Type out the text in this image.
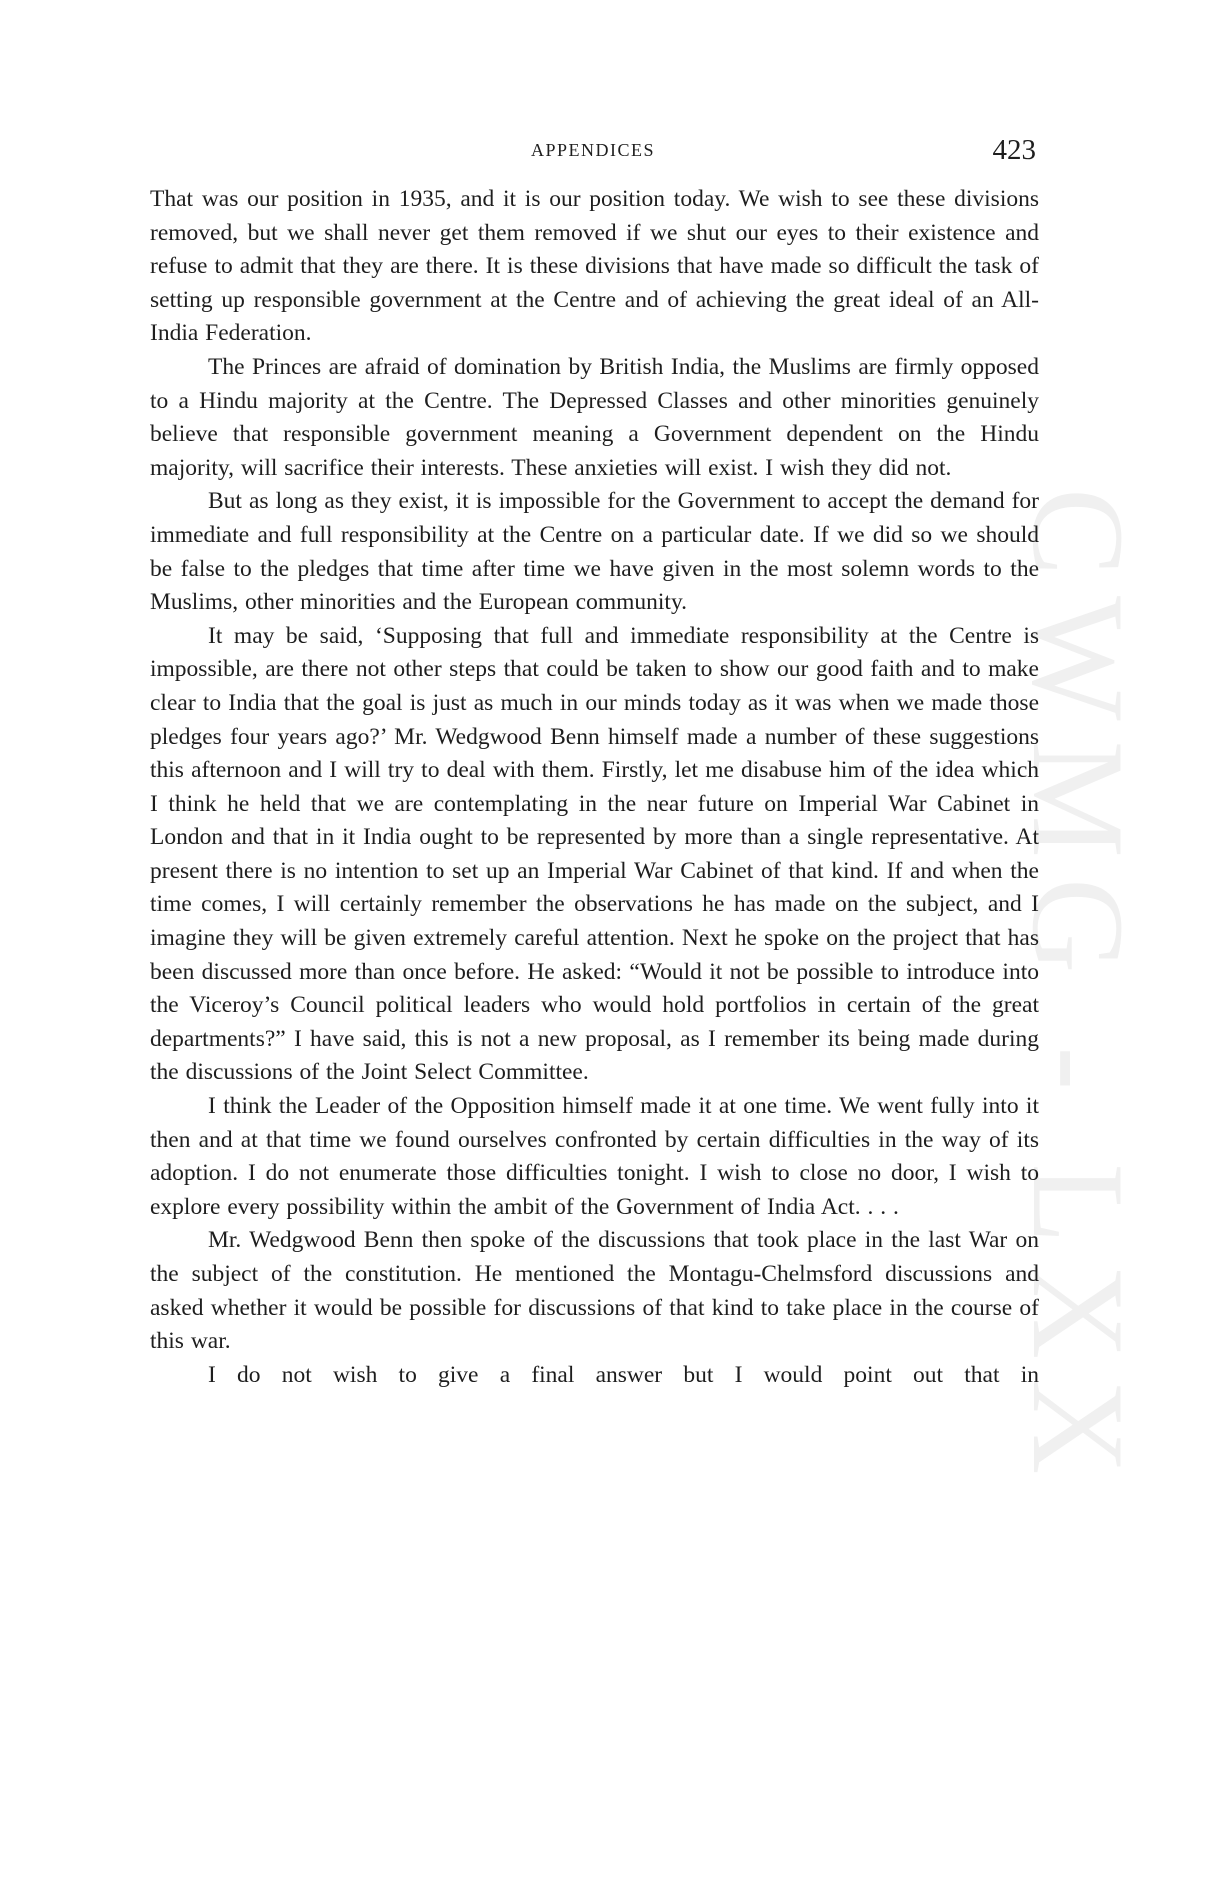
CWMG - LXX
APPENDICES	423

That was our position in 1935, and it is our position today. We wish to see these divisions removed, but we shall never get them removed if we shut our eyes to their existence and refuse to admit that they are there. It is these divisions that have made so difficult the task of setting up responsible government at the Centre and of achieving the great ideal of an All-India Federation.

The Princes are afraid of domination by British India, the Muslims are firmly opposed to a Hindu majority at the Centre. The Depressed Classes and other minorities genuinely believe that responsible government meaning a Government dependent on the Hindu majority, will sacrifice their interests. These anxieties will exist. I wish they did not.

But as long as they exist, it is impossible for the Government to accept the demand for immediate and full responsibility at the Centre on a particular date. If we did so we should be false to the pledges that time after time we have given in the most solemn words to the Muslims, other minorities and the European community.

It may be said, ‘Supposing that full and immediate responsibility at the Centre is impossible, are there not other steps that could be taken to show our good faith and to make clear to India that the goal is just as much in our minds today as it was when we made those pledges four years ago?’ Mr. Wedgwood Benn himself made a number of these suggestions this afternoon and I will try to deal with them. Firstly, let me disabuse him of the idea which I think he held that we are contemplating in the near future on Imperial War Cabinet in London and that in it India ought to be represented by more than a single representative. At present there is no intention to set up an Imperial War Cabinet of that kind. If and when the time comes, I will certainly remember the observations he has made on the subject, and I imagine they will be given extremely careful attention. Next he spoke on the project that has been discussed more than once before. He asked: “Would it not be possible to introduce into the Viceroy’s Council political leaders who would hold portfolios in certain of the great departments?” I have said, this is not a new proposal, as I remember its being made during the discussions of the Joint Select Committee.

I think the Leader of the Opposition himself made it at one time. We went fully into it then and at that time we found ourselves confronted by certain difficulties in the way of its adoption. I do not enumerate those difficulties tonight. I wish to close no door, I wish to explore every possibility within the ambit of the Government of India Act. . . .

Mr. Wedgwood Benn then spoke of the discussions that took place in the last War on the subject of the constitution. He mentioned the Montagu-Chelmsford discussions and asked whether it would be possible for discussions of that kind to take place in the course of this war.

I do not wish to give a final answer but I would point out that in
